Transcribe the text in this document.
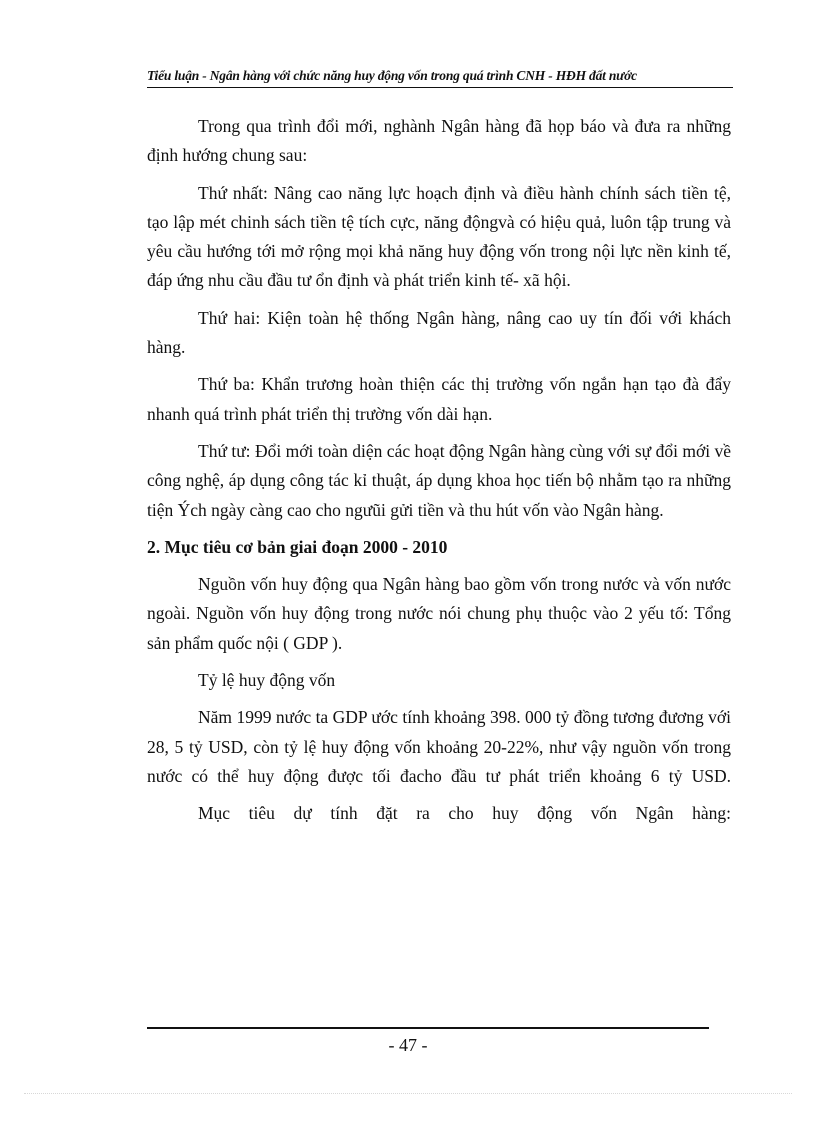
Tiểu luận - Ngân hàng với chức năng huy động vốn trong quá trình CNH - HĐH đất nước

Trong qua trình đổi mới, nghành Ngân hàng đã họp báo và đưa ra những định hướng chung sau:

Thứ nhất: Nâng cao năng lực hoạch định và điều hành chính sách tiền tệ, tạo lập mét chinh sách tiền tệ tích cực, năng độngvà có hiệu quả, luôn tập trung và yêu cầu hướng tới mở rộng mọi khả năng huy động vốn trong nội lực nền kinh tế, đáp ứng nhu cầu đầu tư ổn định và phát triển kinh tế- xã hội.

Thứ hai: Kiện toàn hệ thống Ngân hàng, nâng cao uy tín đối với khách hàng.

Thứ ba: Khẩn trương hoàn thiện các thị trường vốn ngắn hạn tạo đà đẩy nhanh quá trình phát triển thị trường vốn dài hạn.

Thứ tư: Đổi mới toàn diện các hoạt động Ngân hàng cùng với sự đổi mới về công nghệ, áp dụng công tác kỉ thuật, áp dụng khoa học tiến bộ nhằm tạo ra những tiện Ých ngày càng cao cho ngưũi gửi tiền và thu hút vốn vào Ngân hàng.

2. Mục tiêu cơ bản giai đoạn 2000 - 2010

Nguồn vốn huy động qua Ngân hàng bao gồm vốn trong nước và vốn nước ngoài. Nguồn vốn huy động trong nước nói chung phụ thuộc vào 2 yếu tố: Tổng sản phẩm quốc nội ( GDP ).

Tỷ lệ huy động vốn

Năm 1999 nước ta GDP ước tính khoảng 398. 000 tỷ đồng tương đương với 28, 5 tỷ USD, còn tỷ lệ huy động vốn khoảng 20-22%, như vậy nguồn vốn trong nước có thể huy động được tối đacho đầu tư phát triển khoảng 6 tỷ USD.

Mục tiêu dự tính đặt ra cho huy động vốn Ngân hàng:

- 47 -
